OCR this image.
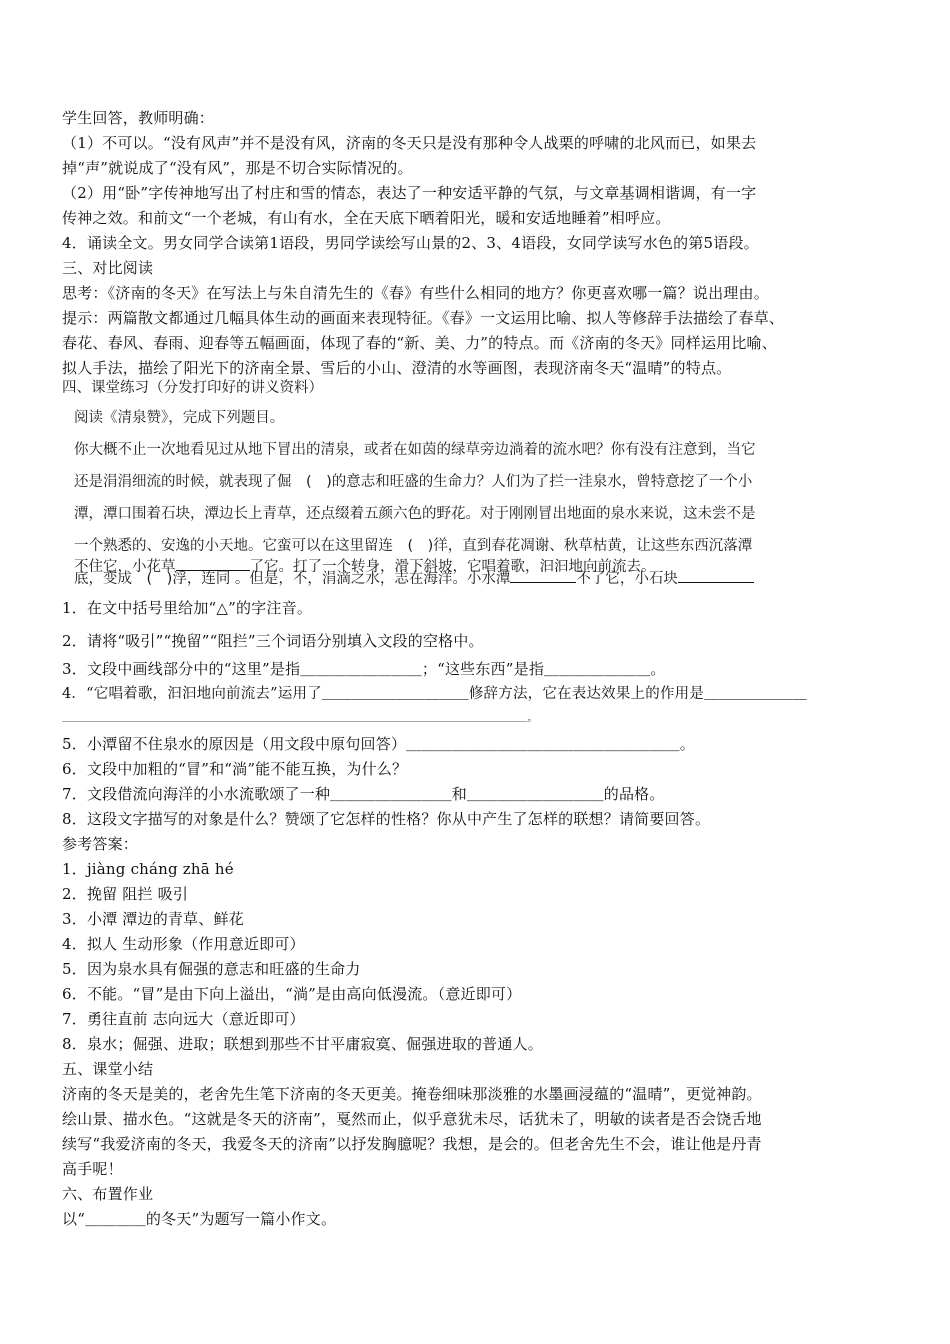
学生回答，教师明确：
（1）不可以。“没有风声”并不是没有风，济南的冬天只是没有那种令人战栗的呼啸的北风而已，如果去
掉“声”就说成了“没有风”，那是不切合实际情况的。
（2）用“卧”字传神地写出了村庄和雪的情态，表达了一种安适平静的气氛，与文章基调相谐调，有一字
传神之效。和前文“一个老城，有山有水，全在天底下晒着阳光，暖和安适地睡着”相呼应。
4．诵读全文。男女同学合读第1语段，男同学读绘写山景的2、3、4语段，女同学读写水色的第5语段。
三、对比阅读
思考：《济南的冬天》在写法上与朱自清先生的《春》有些什么相同的地方？你更喜欢哪一篇？说出理由。
提示：两篇散文都通过几幅具体生动的画面来表现特征。《春》一文运用比喻、拟人等修辞手法描绘了春草、
春花、春风、春雨、迎春等五幅画面，体现了春的“新、美、力”的特点。而《济南的冬天》同样运用比喻、
拟人手法，描绘了阳光下的济南全景、雪后的小山、澄清的水等画图，表现济南冬天“温晴”的特点。
四、课堂练习（分发打印好的讲义资料）
阅读《清泉赞》，完成下列题目。
你大概不止一次地看见过从地下冒出的清泉，或者在如茵的绿草旁边淌着的流水吧？你有没有注意到，当它
还是涓涓细流的时候，就表现了倔　(　)的意志和旺盛的生命力？人们为了拦一洼泉水，曾特意挖了一个小
潭，潭口围着石块，潭边长上青草，还点缀着五颜六色的野花。对于刚刚冒出地面的泉水来说，这未尝不是
一个熟悉的、安逸的小天地。它蛮可以在这里留连　(　)徉，直到春花凋谢、秋草枯黄，让这些东西沉落潭
底，变成　(　)浮，连同 。但是，不，涓滴之水，志在海洋。小水潭	不了它，小石块
不住它，小花草	了它。打了一个转身，滑下斜坡，它唱着歌，汩汩地向前流去。
1．在文中括号里给加“△”的字注音。
2．请将“吸引”“挽留”“阻拦”三个词语分别填入文段的空格中。
3．文段中画线部分中的“这里”是指＿＿＿＿＿＿＿＿；“这些东西”是指＿＿＿＿＿＿＿。
4．“它唱着歌，汩汩地向前流去”运用了＿＿＿＿＿＿＿＿＿＿修辞方法，它在表达效果上的作用是＿＿＿＿＿＿＿
＿＿＿＿＿＿＿＿＿＿＿＿＿＿＿＿＿＿＿＿＿＿＿＿＿＿＿＿＿＿＿＿＿＿＿＿＿＿＿＿＿＿＿＿＿＿＿＿＿。
5．小潭留不住泉水的原因是（用文段中原句回答）＿＿＿＿＿＿＿＿＿＿＿＿＿＿＿＿＿＿。
6．文段中加粗的“冒”和“淌”能不能互换，为什么？
7．文段借流向海洋的小水流歌颂了一种＿＿＿＿＿＿＿＿和＿＿＿＿＿＿＿＿＿的品格。
8．这段文字描写的对象是什么？赞颂了它怎样的性格？你从中产生了怎样的联想？请简要回答。
参考答案：
1．jiàng cháng zhā hé
2．挽留 阻拦 吸引
3．小潭 潭边的青草、鲜花
4．拟人 生动形象（作用意近即可）
5．因为泉水具有倔强的意志和旺盛的生命力
6．不能。“冒”是由下向上溢出，“淌”是由高向低漫流。（意近即可）
7．勇往直前 志向远大（意近即可）
8．泉水；倔强、进取；联想到那些不甘平庸寂寞、倔强进取的普通人。
五、课堂小结
济南的冬天是美的，老舍先生笔下济南的冬天更美。掩卷细味那淡雅的水墨画浸蕴的“温晴”，更觉神韵。
绘山景、描水色。“这就是冬天的济南”，戛然而止，似乎意犹未尽，话犹未了，明敏的读者是否会饶舌地
续写“我爱济南的冬天，我爱冬天的济南”以抒发胸臆呢？我想，是会的。但老舍先生不会，谁让他是丹青
高手呢！
六、布置作业
以“＿＿＿＿的冬天”为题写一篇小作文。
